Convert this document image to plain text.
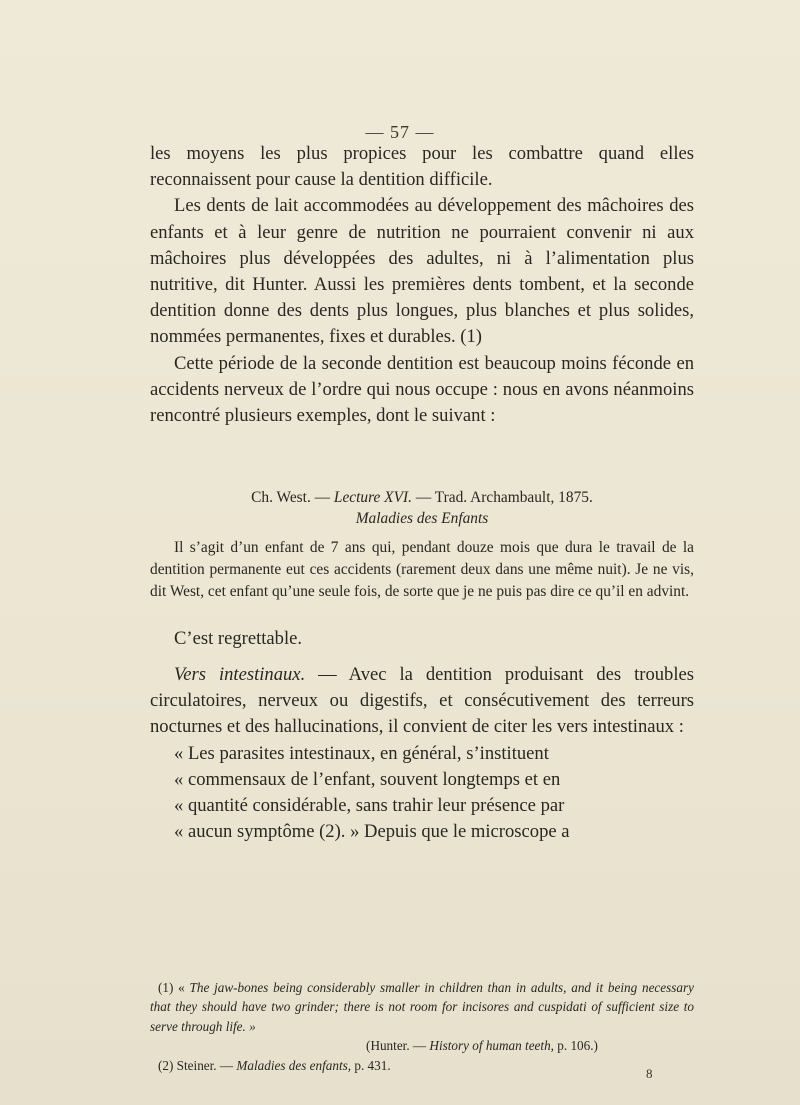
— 57 —

les moyens les plus propices pour les combattre quand elles reconnaissent pour cause la dentition difficile.

Les dents de lait accommodées au développement des mâchoires des enfants et à leur genre de nutrition ne pourraient convenir ni aux mâchoires plus développées des adultes, ni à l’alimentation plus nutritive, dit Hunter. Aussi les premières dents tombent, et la seconde dentition donne des dents plus longues, plus blanches et plus solides, nommées permanentes, fixes et durables. (1)

Cette période de la seconde dentition est beaucoup moins féconde en accidents nerveux de l’ordre qui nous occupe : nous en avons néanmoins rencontré plusieurs exemples, dont le suivant :

Ch. West. — Lecture XVI. — Trad. Archambault, 1875.
Maladies des Enfants

Il s’agit d’un enfant de 7 ans qui, pendant douze mois que dura le travail de la dentition permanente eut ces accidents (rarement deux dans une même nuit). Je ne vis, dit West, cet enfant qu’une seule fois, de sorte que je ne puis pas dire ce qu’il en advint.

C’est regrettable.

Vers intestinaux. — Avec la dentition produisant des troubles circulatoires, nerveux ou digestifs, et consécutivement des terreurs nocturnes et des hallucinations, il convient de citer les vers intestinaux :

« Les parasites intestinaux, en général, s’instituent

« commensaux de l’enfant, souvent longtemps et en

« quantité considérable, sans trahir leur présence par

« aucun symptôme (2). » Depuis que le microscope a

(1) « The jaw-bones being considerably smaller in children than in adults, and it being necessary that they should have two grinder; there is not room for incisores and cuspidati of sufficient size to serve through life. »

(Hunter. — History of human teeth, p. 106.)

(2) Steiner. — Maladies des enfants, p. 431.

8
